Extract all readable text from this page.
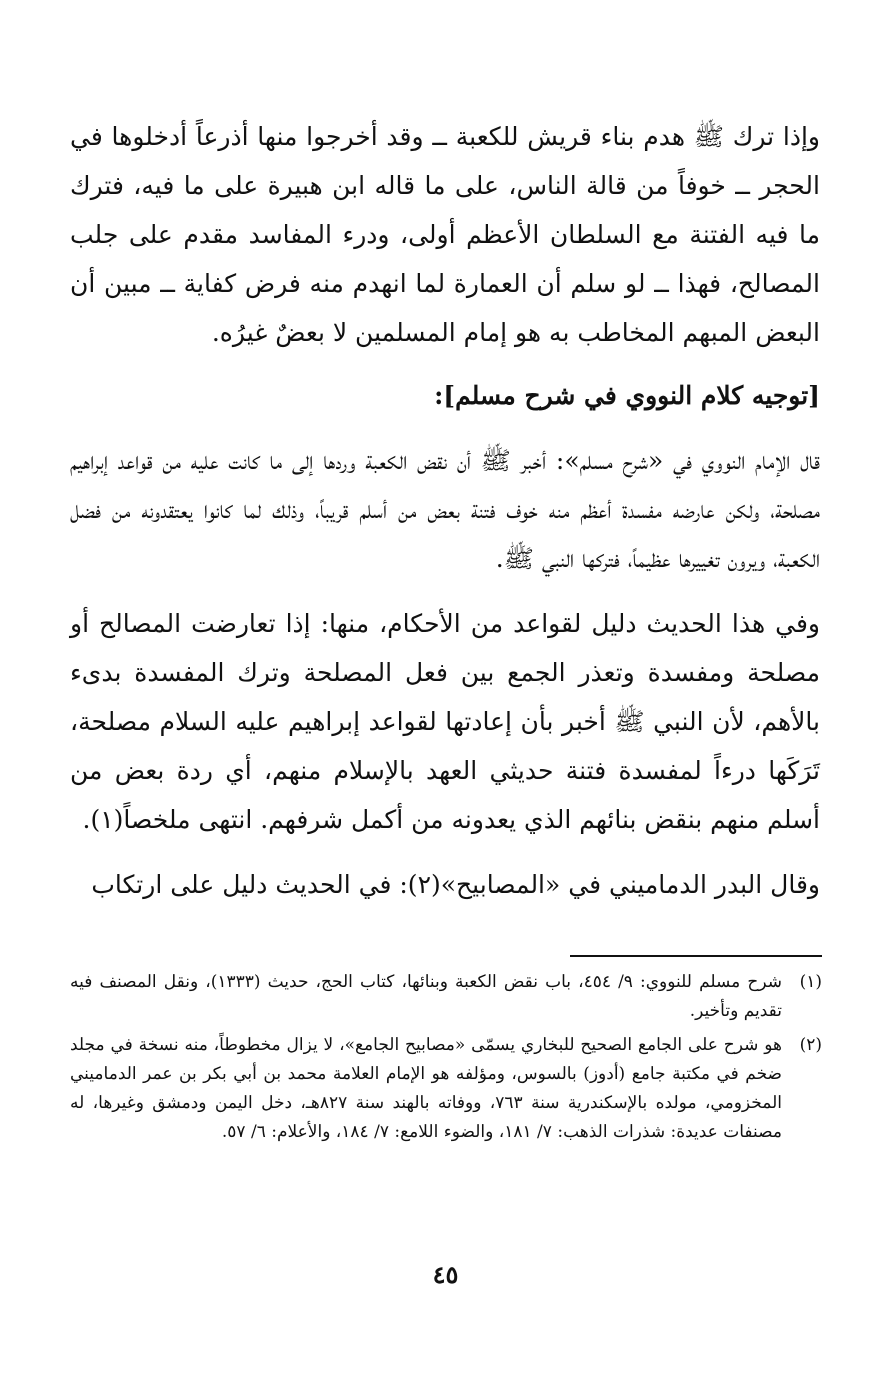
وإذا ترك ﷺ هدم بناء قريش للكعبة ــ وقد أخرجوا منها أذرعاً أدخلوها في الحجر ــ خوفاً من قالة الناس، على ما قاله ابن هبيرة على ما فيه، فترك ما فيه الفتنة مع السلطان الأعظم أولى، ودرء المفاسد مقدم على جلب المصالح، فهذا ــ لو سلم أن العمارة لما انهدم منه فرض كفاية ــ مبين أن البعض المبهم المخاطب به هو إمام المسلمين لا بعضٌ غيرُه.

[توجيه كلام النووي في شرح مسلم]:

قال الإمام النووي في «شرح مسلم»: أخبر ﷺ أن نقض الكعبة وردها إلى ما كانت عليه من قواعد إبراهيم مصلحة، ولكن عارضه مفسدة أعظم منه خوف فتنة بعض من أسلم قريباً، وذلك لما كانوا يعتقدونه من فضل الكعبة، ويرون تغييرها عظيماً، فتركها النبي ﷺ.

وفي هذا الحديث دليل لقواعد من الأحكام، منها: إذا تعارضت المصالح أو مصلحة ومفسدة وتعذر الجمع بين فعل المصلحة وترك المفسدة بدىء بالأهم، لأن النبي ﷺ أخبر بأن إعادتها لقواعد إبراهيم عليه السلام مصلحة، تَرَكَها درءاً لمفسدة فتنة حديثي العهد بالإسلام منهم، أي ردة بعض من أسلم منهم بنقض بنائهم الذي يعدونه من أكمل شرفهم. انتهى ملخصاً(١).

وقال البدر الدماميني في «المصابيح»(٢): في الحديث دليل على ارتكاب

(١)
شرح مسلم للنووي: ٩/ ٤٥٤، باب نقض الكعبة وبنائها، كتاب الحج، حديث (١٣٣٣)، ونقل المصنف فيه تقديم وتأخير.
(٢)
هو شرح على الجامع الصحيح للبخاري يسمّى «مصابيح الجامع»، لا يزال مخطوطاً، منه نسخة في مجلد ضخم في مكتبة جامع (أدوز) بالسوس، ومؤلفه هو الإمام العلامة محمد بن أبي بكر بن عمر الدماميني المخزومي، مولده بالإسكندرية سنة ٧٦٣، ووفاته بالهند سنة ٨٢٧هـ، دخل اليمن ودمشق وغيرها، له مصنفات عديدة: شذرات الذهب: ٧/ ١٨١، والضوء اللامع: ٧/ ١٨٤، والأعلام: ٦/ ٥٧.
٤٥
